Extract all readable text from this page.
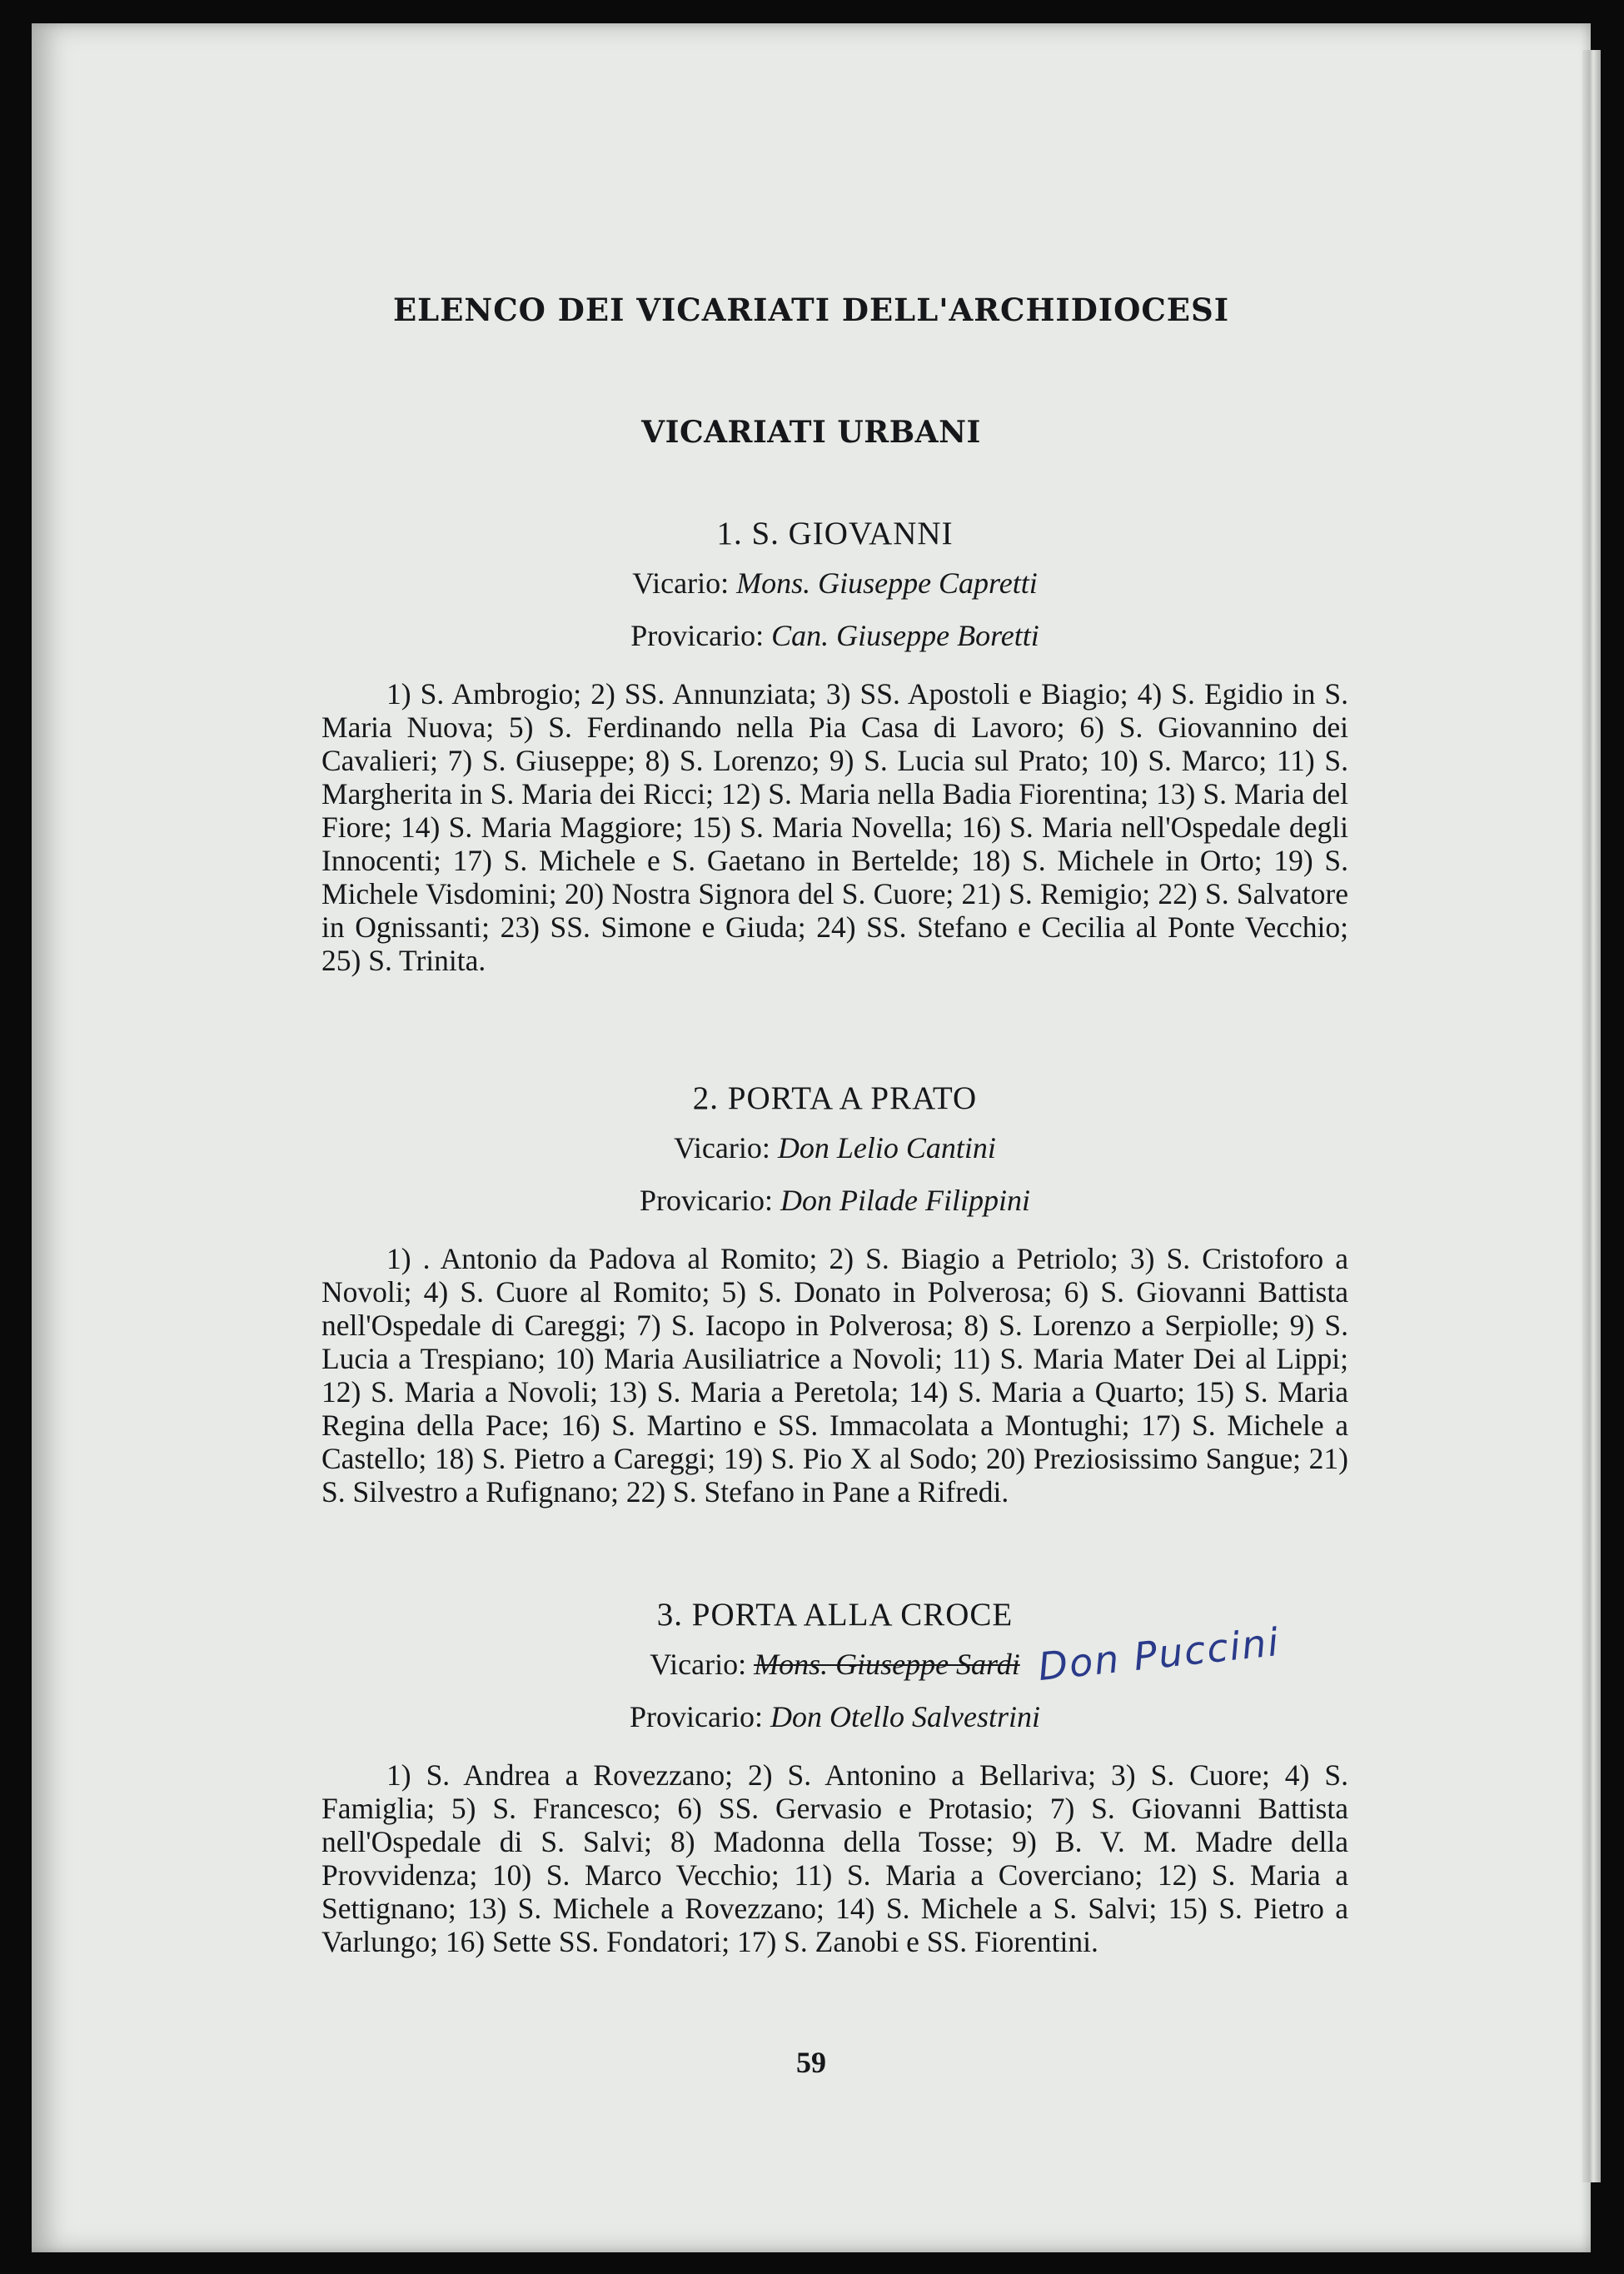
ELENCO DEI VICARIATI DELL'ARCHIDIOCESI
VICARIATI URBANI
1. S. GIOVANNI
Vicario: Mons. Giuseppe Capretti
Provicario: Can. Giuseppe Boretti

1) S. Ambrogio; 2) SS. Annunziata; 3) SS. Apostoli e Biagio; 4) S. Egidio in S. Maria Nuova; 5) S. Ferdinando nella Pia Casa di Lavoro; 6) S. Giovannino dei Cavalieri; 7) S. Giuseppe; 8) S. Lorenzo; 9) S. Lucia sul Prato; 10) S. Marco; 11) S. Margherita in S. Maria dei Ricci; 12) S. Maria nella Badia Fiorentina; 13) S. Maria del Fiore; 14) S. Maria Maggiore; 15) S. Maria Novella; 16) S. Maria nell'Ospedale degli Innocenti; 17) S. Michele e S. Gaetano in Bertelde; 18) S. Michele in Orto; 19) S. Michele Visdomini; 20) Nostra Signora del S. Cuore; 21) S. Remigio; 22) S. Salvatore in Ognissanti; 23) SS. Simone e Giuda; 24) SS. Stefano e Cecilia al Ponte Vecchio; 25) S. Trinita.

2. PORTA A PRATO
Vicario: Don Lelio Cantini
Provicario: Don Pilade Filippini

1) . Antonio da Padova al Romito; 2) S. Biagio a Petriolo; 3) S. Cristoforo a Novoli; 4) S. Cuore al Romito; 5) S. Donato in Polverosa; 6) S. Giovanni Battista nell'Ospedale di Careggi; 7) S. Iacopo in Polverosa; 8) S. Lorenzo a Serpiolle; 9) S. Lucia a Trespiano; 10) Maria Ausiliatrice a Novoli; 11) S. Maria Mater Dei al Lippi; 12) S. Maria a Novoli; 13) S. Maria a Peretola; 14) S. Maria a Quarto; 15) S. Maria Regina della Pace; 16) S. Martino e SS. Immacolata a Montughi; 17) S. Michele a Castello; 18) S. Pietro a Careggi; 19) S. Pio X al Sodo; 20) Preziosissimo Sangue; 21) S. Silvestro a Rufignano; 22) S. Stefano in Pane a Rifredi.

3. PORTA ALLA CROCE
Vicario: Mons. Giuseppe Sardi Don Puccini
Provicario: Don Otello Salvestrini

1) S. Andrea a Rovezzano; 2) S. Antonino a Bellariva; 3) S. Cuore; 4) S. Famiglia; 5) S. Francesco; 6) SS. Gervasio e Protasio; 7) S. Giovanni Battista nell'Ospedale di S. Salvi; 8) Madonna della Tosse; 9) B. V. M. Madre della Provvidenza; 10) S. Marco Vecchio; 11) S. Maria a Coverciano; 12) S. Maria a Settignano; 13) S. Michele a Rovezzano; 14) S. Michele a S. Salvi; 15) S. Pietro a Varlungo; 16) Sette SS. Fondatori; 17) S. Zanobi e SS. Fiorentini.

59
